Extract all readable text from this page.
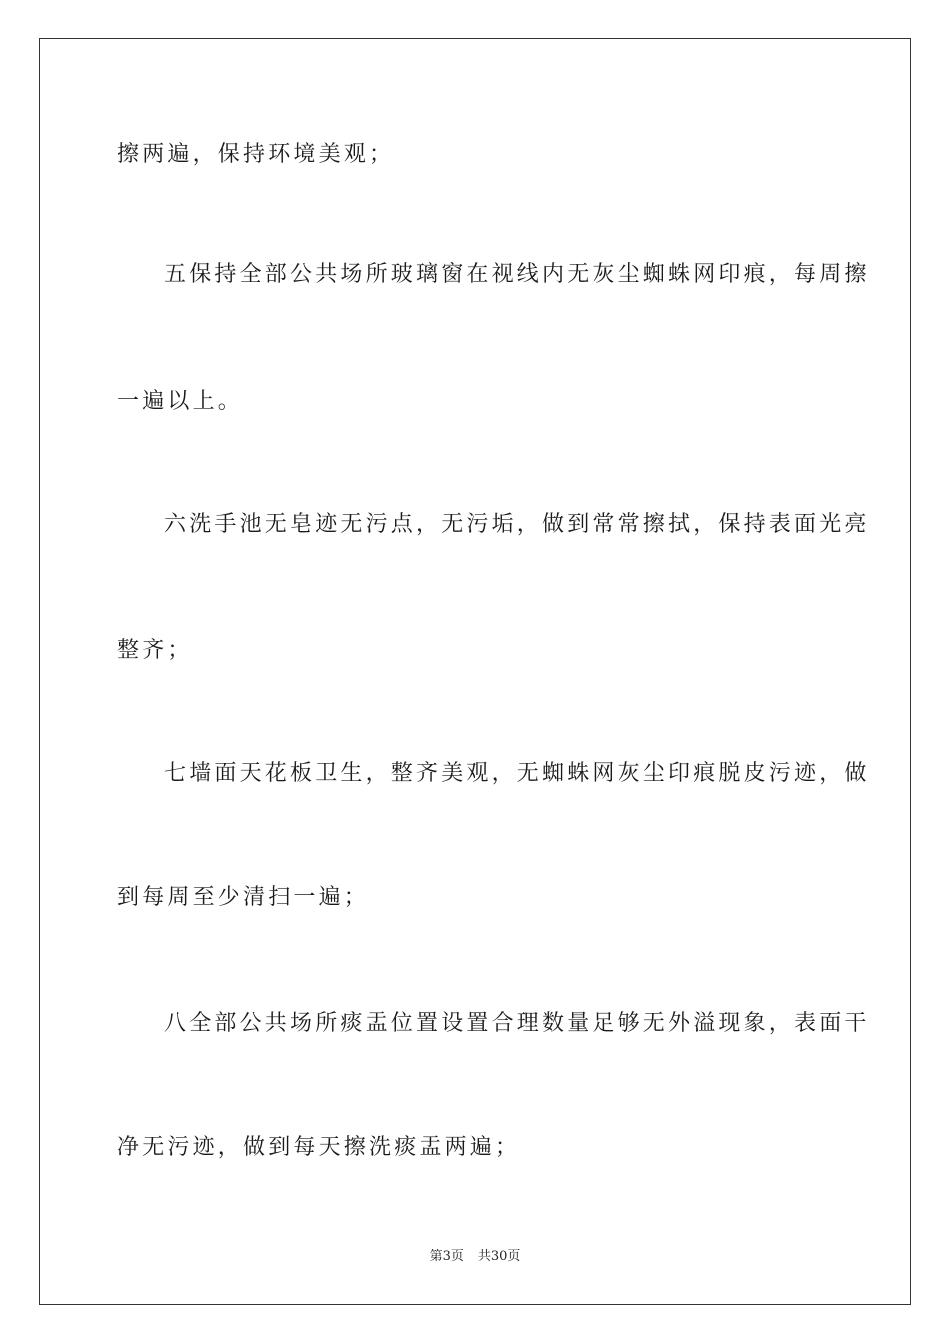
擦两遍，保持环境美观；
五保持全部公共场所玻璃窗在视线内无灰尘蜘蛛网印痕，每周擦
一遍以上。
六洗手池无皂迹无污点，无污垢，做到常常擦拭，保持表面光亮
整齐；
七墙面天花板卫生，整齐美观，无蜘蛛网灰尘印痕脱皮污迹，做
到每周至少清扫一遍；
八全部公共场所痰盂位置设置合理数量足够无外溢现象，表面干
净无污迹，做到每天擦洗痰盂两遍；
第3页 共30页
